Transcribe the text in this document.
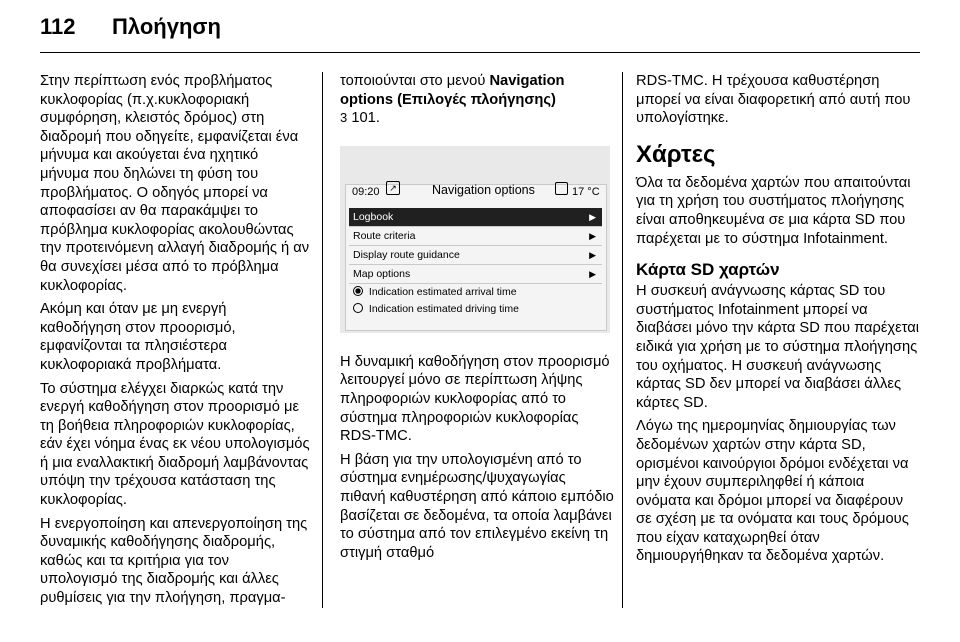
112 Πλοήγηση

Στην περίπτωση ενός προβλήματος κυκλοφορίας (π.χ.κυκλοφοριακή συμφόρηση, κλειστός δρόμος) στη διαδρομή που οδηγείτε, εμφανίζεται ένα μήνυμα και ακούγεται ένα ηχητικό μήνυμα που δηλώνει τη φύση του προβλήματος. Ο οδηγός μπορεί να αποφασίσει αν θα παρακάμψει το πρόβλημα κυκλοφορίας ακολουθώντας την προτεινόμενη αλλαγή διαδρομής ή αν θα συνεχίσει μέσα από το πρόβλημα κυκλοφορίας.

Ακόμη και όταν με μη ενεργή καθοδήγηση στον προορισμό, εμφανίζονται τα πλησιέστερα κυκλοφοριακά προβλήματα.

Το σύστημα ελέγχει διαρκώς κατά την ενεργή καθοδήγηση στον προορισμό με τη βοήθεια πληροφοριών κυκλοφορίας, εάν έχει νόημα ένας εκ νέου υπολογισμός ή μια εναλλακτική διαδρομή λαμβάνοντας υπόψη την τρέχουσα κατάσταση της κυκλοφορίας.

Η ενεργοποίηση και απενεργοποίηση της δυναμικής καθοδήγησης διαδρομής, καθώς και τα κριτήρια για τον υπολογισμό της διαδρομής και άλλες ρυθμίσεις για την πλοήγηση, πραγμα-

τοποιούνται στο μενού Navigation options (Επιλογές πλοήγησης)
3 101.

09:20	↗	Navigation options	17 °C
Logbook	▶
Route criteria	▶
Display route guidance	▶
Map options	▶
Indication estimated arrival time
Indication estimated driving time

Η δυναμική καθοδήγηση στον προορισμό λειτουργεί μόνο σε περίπτωση λήψης πληροφοριών κυκλοφορίας από το σύστημα πληροφοριών κυκλοφορίας RDS-TMC.

Η βάση για την υπολογισμένη από το σύστημα ενημέρωσης/ψυχαγωγίας πιθανή καθυστέρηση από κάποιο εμπόδιο βασίζεται σε δεδομένα, τα οποία λαμβάνει το σύστημα από τον επιλεγμένο εκείνη τη στιγμή σταθμό

RDS-TMC. Η τρέχουσα καθυστέρηση μπορεί να είναι διαφορετική από αυτή που υπολογίστηκε.

Χάρτες

Όλα τα δεδομένα χαρτών που απαιτούνται για τη χρήση του συστήματος πλοήγησης είναι αποθηκευμένα σε μια κάρτα SD που παρέχεται με το σύστημα Infotainment.

Κάρτα SD χαρτών

Η συσκευή ανάγνωσης κάρτας SD του συστήματος Infotainment μπορεί να διαβάσει μόνο την κάρτα SD που παρέχεται ειδικά για χρήση με το σύστημα πλοήγησης του οχήματος. Η συσκευή ανάγνωσης κάρτας SD δεν μπορεί να διαβάσει άλλες κάρτες SD.

Λόγω της ημερομηνίας δημιουργίας των δεδομένων χαρτών στην κάρτα SD, ορισμένοι καινούργιοι δρόμοι ενδέχεται να μην έχουν συμπεριληφθεί ή κάποια ονόματα και δρόμοι μπορεί να διαφέρουν σε σχέση με τα ονόματα και τους δρόμους που είχαν καταχωρηθεί όταν δημιουργήθηκαν τα δεδομένα χαρτών.
